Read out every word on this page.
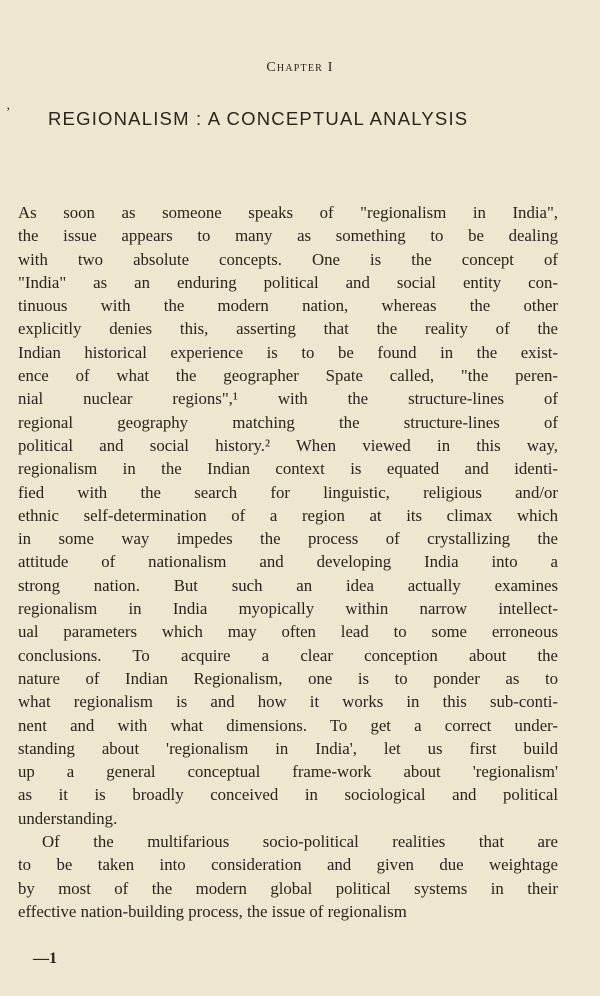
’
Chapter I
REGIONALISM : A CONCEPTUAL ANALYSIS
As soon as someone speaks of "regionalism in India",
the issue appears to many as something to be dealing
with two absolute concepts. One is the concept of
"India" as an enduring political and social entity con-
tinuous with the modern nation, whereas the other
explicitly denies this, asserting that the reality of the
Indian historical experience is to be found in the exist-
ence of what the geographer Spate called, "the peren-
nial nuclear regions",¹ with the structure-lines of
regional geography matching the structure-lines of
political and social history.² When viewed in this way,
regionalism in the Indian context is equated and identi-
fied with the search for linguistic, religious and/or
ethnic self-determination of a region at its climax which
in some way impedes the process of crystallizing the
attitude of nationalism and developing India into a
strong nation. But such an idea actually examines
regionalism in India myopically within narrow intellect-
ual parameters which may often lead to some erroneous
conclusions. To acquire a clear conception about the
nature of Indian Regionalism, one is to ponder as to
what regionalism is and how it works in this sub-conti-
nent and with what dimensions. To get a correct under-
standing about 'regionalism in India', let us first build
up a general conceptual frame-work about 'regionalism'
as it is broadly conceived in sociological and political
understanding.
Of the multifarious socio-political realities that are
to be taken into consideration and given due weightage
by most of the modern global political systems in their
effective nation-building process, the issue of regionalism
—1
